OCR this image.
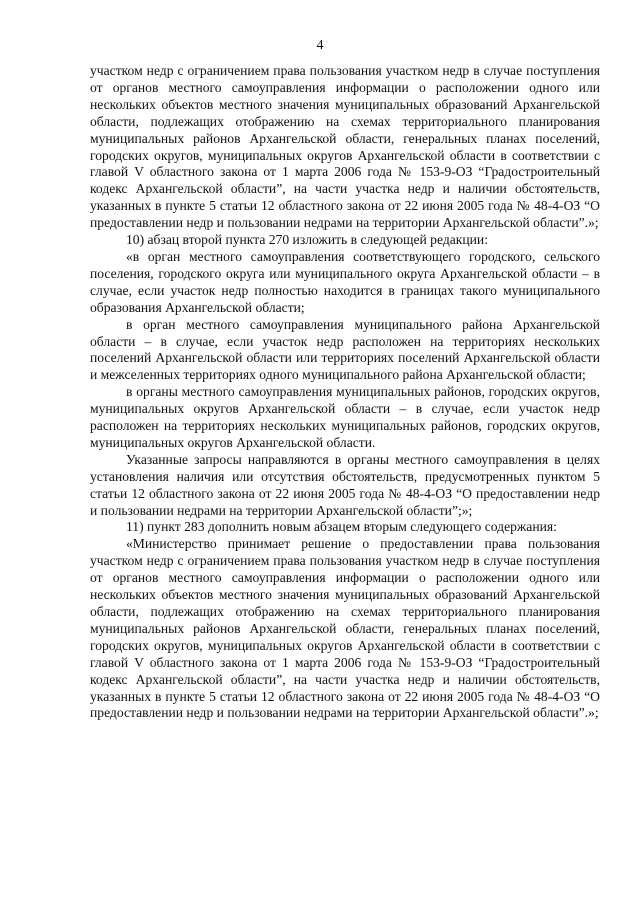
4

участком недр с ограничением права пользования участком недр в случае поступления от органов местного самоуправления информации о расположении одного или нескольких объектов местного значения муниципальных образований Архангельской области, подлежащих отображению на схемах территориального планирования муниципальных районов Архангельской области, генеральных планах поселений, городских округов, муниципальных округов Архангельской области в соответствии с главой V областного закона от 1 марта 2006 года № 153-9-ОЗ “Градостроительный кодекс Архангельской области”, на части участка недр и наличии обстоятельств, указанных в пункте 5 статьи 12 областного закона от 22 июня 2005 года № 48-4-ОЗ “О предоставлении недр и пользовании недрами на территории Архангельской области”.»;

10) абзац второй пункта 270 изложить в следующей редакции:

«в орган местного самоуправления соответствующего городского, сельского поселения, городского округа или муниципального округа Архангельской области – в случае, если участок недр полностью находится в границах такого муниципального образования Архангельской области;

в орган местного самоуправления муниципального района Архангельской области – в случае, если участок недр расположен на территориях нескольких поселений Архангельской области или территориях поселений Архангельской области и межселенных территориях одного муниципального района Архангельской области;

в органы местного самоуправления муниципальных районов, городских округов, муниципальных округов Архангельской области – в случае, если участок недр расположен на территориях нескольких муниципальных районов, городских округов, муниципальных округов Архангельской области.

Указанные запросы направляются в органы местного самоуправления в целях установления наличия или отсутствия обстоятельств, предусмотренных пунктом 5 статьи 12 областного закона от 22 июня 2005 года № 48-4-ОЗ “О предоставлении недр и пользовании недрами на территории Архангельской области”;»;

11) пункт 283 дополнить новым абзацем вторым следующего содержания:

«Министерство принимает решение о предоставлении права пользования участком недр с ограничением права пользования участком недр в случае поступления от органов местного самоуправления информации о расположении одного или нескольких объектов местного значения муниципальных образований Архангельской области, подлежащих отображению на схемах территориального планирования муниципальных районов Архангельской области, генеральных планах поселений, городских округов, муниципальных округов Архангельской области в соответствии с главой V областного закона от 1 марта 2006 года № 153-9-ОЗ “Градостроительный кодекс Архангельской области”, на части участка недр и наличии обстоятельств, указанных в пункте 5 статьи 12 областного закона от 22 июня 2005 года № 48-4-ОЗ “О предоставлении недр и пользовании недрами на территории Архангельской области”.»;
